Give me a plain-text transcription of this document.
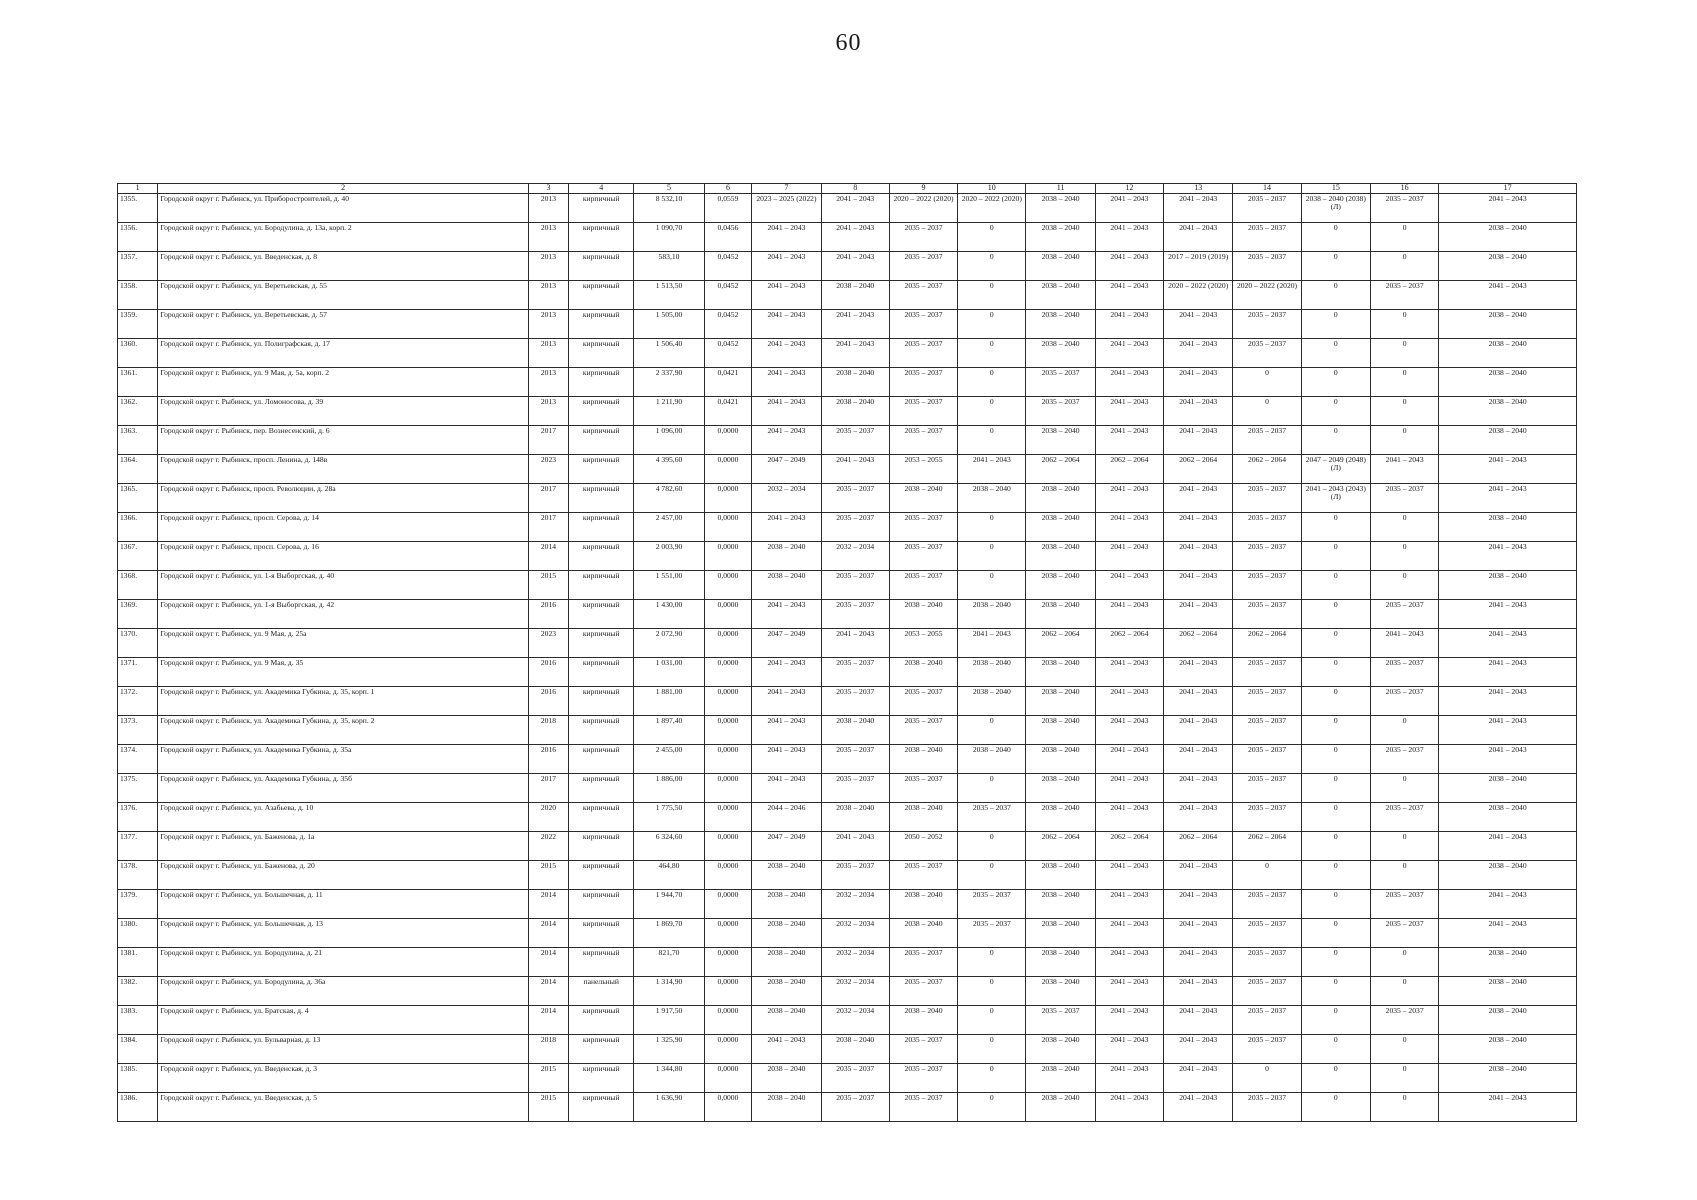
60
1	2	3	4	5	6	7	8	9	10	11	12	13	14	15	16	17
1355.	Городской округ г. Рыбинск, ул. Приборостроителей, д. 40	2013	кирпичный	8 532,10	0,0559	2023 – 2025 (2022)	2041 – 2043	2020 – 2022 (2020)	2020 – 2022 (2020)	2038 – 2040	2041 – 2043	2041 – 2043	2035 – 2037	2038 – 2040 (2038) (Л)	2035 – 2037	2041 – 2043
1356.	Городской округ г. Рыбинск, ул. Бородулина, д. 13а, корп. 2	2013	кирпичный	1 090,70	0,0456	2041 – 2043	2041 – 2043	2035 – 2037	0	2038 – 2040	2041 – 2043	2041 – 2043	2035 – 2037	0	0	2038 – 2040
1357.	Городской округ г. Рыбинск, ул. Введенская, д. 8	2013	кирпичный	583,10	0,0452	2041 – 2043	2041 – 2043	2035 – 2037	0	2038 – 2040	2041 – 2043	2017 – 2019 (2019)	2035 – 2037	0	0	2038 – 2040
1358.	Городской округ г. Рыбинск, ул. Веретьевская, д. 55	2013	кирпичный	1 513,50	0,0452	2041 – 2043	2038 – 2040	2035 – 2037	0	2038 – 2040	2041 – 2043	2020 – 2022 (2020)	2020 – 2022 (2020)	0	2035 – 2037	2041 – 2043
1359.	Городской округ г. Рыбинск, ул. Веретьевская, д. 57	2013	кирпичный	1 505,00	0,0452	2041 – 2043	2041 – 2043	2035 – 2037	0	2038 – 2040	2041 – 2043	2041 – 2043	2035 – 2037	0	0	2038 – 2040
1360.	Городской округ г. Рыбинск, ул. Полиграфская, д. 17	2013	кирпичный	1 506,40	0,0452	2041 – 2043	2041 – 2043	2035 – 2037	0	2038 – 2040	2041 – 2043	2041 – 2043	2035 – 2037	0	0	2038 – 2040
1361.	Городской округ г. Рыбинск, ул. 9 Мая, д. 5а, корп. 2	2013	кирпичный	2 337,90	0,0421	2041 – 2043	2038 – 2040	2035 – 2037	0	2035 – 2037	2041 – 2043	2041 – 2043	0	0	0	2038 – 2040
1362.	Городской округ г. Рыбинск, ул. Ломоносова, д. 39	2013	кирпичный	1 211,90	0,0421	2041 – 2043	2038 – 2040	2035 – 2037	0	2035 – 2037	2041 – 2043	2041 – 2043	0	0	0	2038 – 2040
1363.	Городской округ г. Рыбинск, пер. Вознесенский, д. 6	2017	кирпичный	1 096,00	0,0000	2041 – 2043	2035 – 2037	2035 – 2037	0	2038 – 2040	2041 – 2043	2041 – 2043	2035 – 2037	0	0	2038 – 2040
1364.	Городской округ г. Рыбинск, просп. Ленина, д. 148в	2023	кирпичный	4 395,60	0,0000	2047 – 2049	2041 – 2043	2053 – 2055	2041 – 2043	2062 – 2064	2062 – 2064	2062 – 2064	2062 – 2064	2047 – 2049 (2048) (Л)	2041 – 2043	2041 – 2043
1365.	Городской округ г. Рыбинск, просп. Революции, д. 28а	2017	кирпичный	4 782,60	0,0000	2032 – 2034	2035 – 2037	2038 – 2040	2038 – 2040	2038 – 2040	2041 – 2043	2041 – 2043	2035 – 2037	2041 – 2043 (2043) (Л)	2035 – 2037	2041 – 2043
1366.	Городской округ г. Рыбинск, просп. Серова, д. 14	2017	кирпичный	2 457,00	0,0000	2041 – 2043	2035 – 2037	2035 – 2037	0	2038 – 2040	2041 – 2043	2041 – 2043	2035 – 2037	0	0	2038 – 2040
1367.	Городской округ г. Рыбинск, просп. Серова, д. 16	2014	кирпичный	2 003,90	0,0000	2038 – 2040	2032 – 2034	2035 – 2037	0	2038 – 2040	2041 – 2043	2041 – 2043	2035 – 2037	0	0	2041 – 2043
1368.	Городской округ г. Рыбинск, ул. 1-я Выборгская, д. 40	2015	кирпичный	1 551,00	0,0000	2038 – 2040	2035 – 2037	2035 – 2037	0	2038 – 2040	2041 – 2043	2041 – 2043	2035 – 2037	0	0	2038 – 2040
1369.	Городской округ г. Рыбинск, ул. 1-я Выборгская, д. 42	2016	кирпичный	1 430,00	0,0000	2041 – 2043	2035 – 2037	2038 – 2040	2038 – 2040	2038 – 2040	2041 – 2043	2041 – 2043	2035 – 2037	0	2035 – 2037	2041 – 2043
1370.	Городской округ г. Рыбинск, ул. 9 Мая, д. 25а	2023	кирпичный	2 072,90	0,0000	2047 – 2049	2041 – 2043	2053 – 2055	2041 – 2043	2062 – 2064	2062 – 2064	2062 – 2064	2062 – 2064	0	2041 – 2043	2041 – 2043
1371.	Городской округ г. Рыбинск, ул. 9 Мая, д. 35	2016	кирпичный	1 031,00	0,0000	2041 – 2043	2035 – 2037	2038 – 2040	2038 – 2040	2038 – 2040	2041 – 2043	2041 – 2043	2035 – 2037	0	2035 – 2037	2041 – 2043
1372.	Городской округ г. Рыбинск, ул. Академика Губкина, д. 35, корп. 1	2016	кирпичный	1 881,00	0,0000	2041 – 2043	2035 – 2037	2035 – 2037	2038 – 2040	2038 – 2040	2041 – 2043	2041 – 2043	2035 – 2037	0	2035 – 2037	2041 – 2043
1373.	Городской округ г. Рыбинск, ул. Академика Губкина, д. 35, корп. 2	2018	кирпичный	1 897,40	0,0000	2041 – 2043	2038 – 2040	2035 – 2037	0	2038 – 2040	2041 – 2043	2041 – 2043	2035 – 2037	0	0	2041 – 2043
1374.	Городской округ г. Рыбинск, ул. Академика Губкина, д. 35а	2016	кирпичный	2 455,00	0,0000	2041 – 2043	2035 – 2037	2038 – 2040	2038 – 2040	2038 – 2040	2041 – 2043	2041 – 2043	2035 – 2037	0	2035 – 2037	2041 – 2043
1375.	Городской округ г. Рыбинск, ул. Академика Губкина, д. 35б	2017	кирпичный	1 886,00	0,0000	2041 – 2043	2035 – 2037	2035 – 2037	0	2038 – 2040	2041 – 2043	2041 – 2043	2035 – 2037	0	0	2038 – 2040
1376.	Городской округ г. Рыбинск, ул. Азабьева, д. 10	2020	кирпичный	1 775,50	0,0000	2044 – 2046	2038 – 2040	2038 – 2040	2035 – 2037	2038 – 2040	2041 – 2043	2041 – 2043	2035 – 2037	0	2035 – 2037	2038 – 2040
1377.	Городской округ г. Рыбинск, ул. Баженова, д. 1а	2022	кирпичный	6 324,60	0,0000	2047 – 2049	2041 – 2043	2050 – 2052	0	2062 – 2064	2062 – 2064	2062 – 2064	2062 – 2064	0	0	2041 – 2043
1378.	Городской округ г. Рыбинск, ул. Баженова, д. 20	2015	кирпичный	464,80	0,0000	2038 – 2040	2035 – 2037	2035 – 2037	0	2038 – 2040	2041 – 2043	2041 – 2043	0	0	0	2038 – 2040
1379.	Городской округ г. Рыбинск, ул. Большечная, д. 11	2014	кирпичный	1 944,70	0,0000	2038 – 2040	2032 – 2034	2038 – 2040	2035 – 2037	2038 – 2040	2041 – 2043	2041 – 2043	2035 – 2037	0	2035 – 2037	2041 – 2043
1380.	Городской округ г. Рыбинск, ул. Большечная, д. 13	2014	кирпичный	1 869,70	0,0000	2038 – 2040	2032 – 2034	2038 – 2040	2035 – 2037	2038 – 2040	2041 – 2043	2041 – 2043	2035 – 2037	0	2035 – 2037	2041 – 2043
1381.	Городской округ г. Рыбинск, ул. Бородулина, д. 21	2014	кирпичный	821,70	0,0000	2038 – 2040	2032 – 2034	2035 – 2037	0	2038 – 2040	2041 – 2043	2041 – 2043	2035 – 2037	0	0	2038 – 2040
1382.	Городской округ г. Рыбинск, ул. Бородулина, д. 36а	2014	панельный	1 314,90	0,0000	2038 – 2040	2032 – 2034	2035 – 2037	0	2038 – 2040	2041 – 2043	2041 – 2043	2035 – 2037	0	0	2038 – 2040
1383.	Городской округ г. Рыбинск, ул. Братская, д. 4	2014	кирпичный	1 917,50	0,0000	2038 – 2040	2032 – 2034	2038 – 2040	0	2035 – 2037	2041 – 2043	2041 – 2043	2035 – 2037	0	2035 – 2037	2038 – 2040
1384.	Городской округ г. Рыбинск, ул. Бульварная, д. 13	2018	кирпичный	1 325,90	0,0000	2041 – 2043	2038 – 2040	2035 – 2037	0	2038 – 2040	2041 – 2043	2041 – 2043	2035 – 2037	0	0	2038 – 2040
1385.	Городской округ г. Рыбинск, ул. Введенская, д. 3	2015	кирпичный	1 344,80	0,0000	2038 – 2040	2035 – 2037	2035 – 2037	0	2038 – 2040	2041 – 2043	2041 – 2043	0	0	0	2038 – 2040
1386.	Городской округ г. Рыбинск, ул. Введенская, д. 5	2015	кирпичный	1 636,90	0,0000	2038 – 2040	2035 – 2037	2035 – 2037	0	2038 – 2040	2041 – 2043	2041 – 2043	2035 – 2037	0	0	2041 – 2043
